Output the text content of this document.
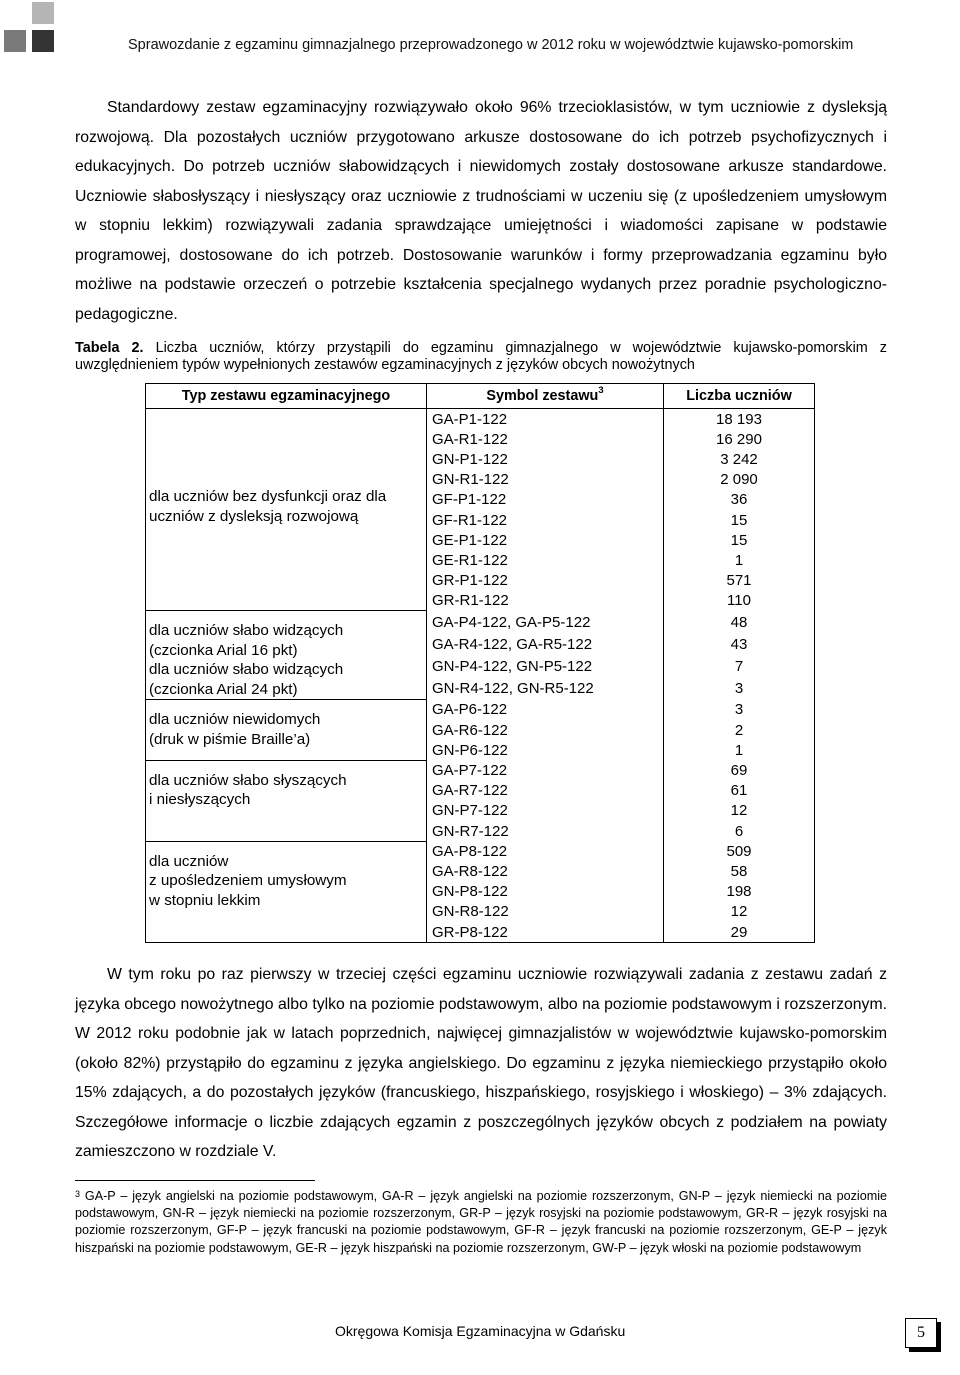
Sprawozdanie z egzaminu gimnazjalnego przeprowadzonego w 2012 roku w województwie kujawsko-pomorskim

Standardowy zestaw egzaminacyjny rozwiązywało około 96% trzecioklasistów, w tym uczniowie z dysleksją rozwojową. Dla pozostałych uczniów przygotowano arkusze dostosowane do ich potrzeb psychofizycznych i edukacyjnych. Do potrzeb uczniów słabowidzących i niewidomych zostały dostosowane arkusze standardowe. Uczniowie słabosłyszący i niesłyszący oraz uczniowie z trudnościami w uczeniu się (z upośledzeniem umysłowym w stopniu lekkim) rozwiązywali zadania sprawdzające umiejętności i wiadomości zapisane w podstawie programowej, dostosowane do ich potrzeb. Dostosowanie warunków i formy przeprowadzania egzaminu było możliwe na podstawie orzeczeń o potrzebie kształcenia specjalnego wydanych przez poradnie psychologiczno-pedagogiczne.

Tabela 2. Liczba uczniów, którzy przystąpili do egzaminu gimnazjalnego w województwie kujawsko-pomorskim z uwzględnieniem typów wypełnionych zestawów egzaminacyjnych z języków obcych nowożytnych
Typ zestawu egzaminacyjnego	Symbol zestawu$^3$	Liczba uczniów

dla uczniów bez dysfunkcji oraz dla uczniów z dysleksją rozwojową	GA-P1-122	18 193
	GA-R1-122	16 290
	GN-P1-122	3 242
	GN-R1-122	2 090
	GF-P1-122	36
	GF-R1-122	15
	GE-P1-122	15
	GE-R1-122	1
	GR-P1-122	571
	GR-R1-122	110

dla uczniów słabo widzących
(czcionka Arial 16 pkt)
dla uczniów słabo widzących
(czcionka Arial 24 pkt)	GA-P4-122, GA-P5-122	48
	GA-R4-122, GA-R5-122	43
	GN-P4-122, GN-P5-122	7
	GN-R4-122, GN-R5-122	3

dla uczniów niewidomych
(druk w piśmie Braille’a)	GA-P6-122	3
	GA-R6-122	2
	GN-P6-122	1

dla uczniów słabo słyszących
i niesłyszących	GA-P7-122	69
	GA-R7-122	61
	GN-P7-122	12
	GN-R7-122	6

dla uczniów
z upośledzeniem umysłowym
w stopniu lekkim	GA-P8-122	509
	GA-R8-122	58
	GN-P8-122	198
	GN-R8-122	12
	GR-P8-122	29

W tym roku po raz pierwszy w trzeciej części egzaminu uczniowie rozwiązywali zadania z zestawu zadań z języka obcego nowożytnego albo tylko na poziomie podstawowym, albo na poziomie podstawowym i rozszerzonym. W 2012 roku podobnie jak w latach poprzednich, najwięcej gimnazjalistów w województwie kujawsko-pomorskim (około 82%) przystąpiło do egzaminu z języka angielskiego. Do egzaminu z języka niemieckiego przystąpiło około 15% zdających, a do pozostałych języków (francuskiego, hiszpańskiego, rosyjskiego i włoskiego) – 3% zdających. Szczegółowe informacje o liczbie zdających egzamin z poszczególnych języków obcych z podziałem na powiaty zamieszczono w rozdziale V.

$^3$ GA-P – język angielski na poziomie podstawowym, GA-R – język angielski na poziomie rozszerzonym, GN-P – język niemiecki na poziomie podstawowym, GN-R – język niemiecki na poziomie rozszerzonym, GR-P – język rosyjski na poziomie podstawowym, GR-R – język rosyjski na poziomie rozszerzonym, GF-P – język francuski na poziomie podstawowym, GF-R – język francuski na poziomie rozszerzonym, GE-P – język hiszpański na poziomie podstawowym, GE-R – język hiszpański na poziomie rozszerzonym, GW-P – język włoski na poziomie podstawowym
Okręgowa Komisja Egzaminacyjna w Gdańsku	5
